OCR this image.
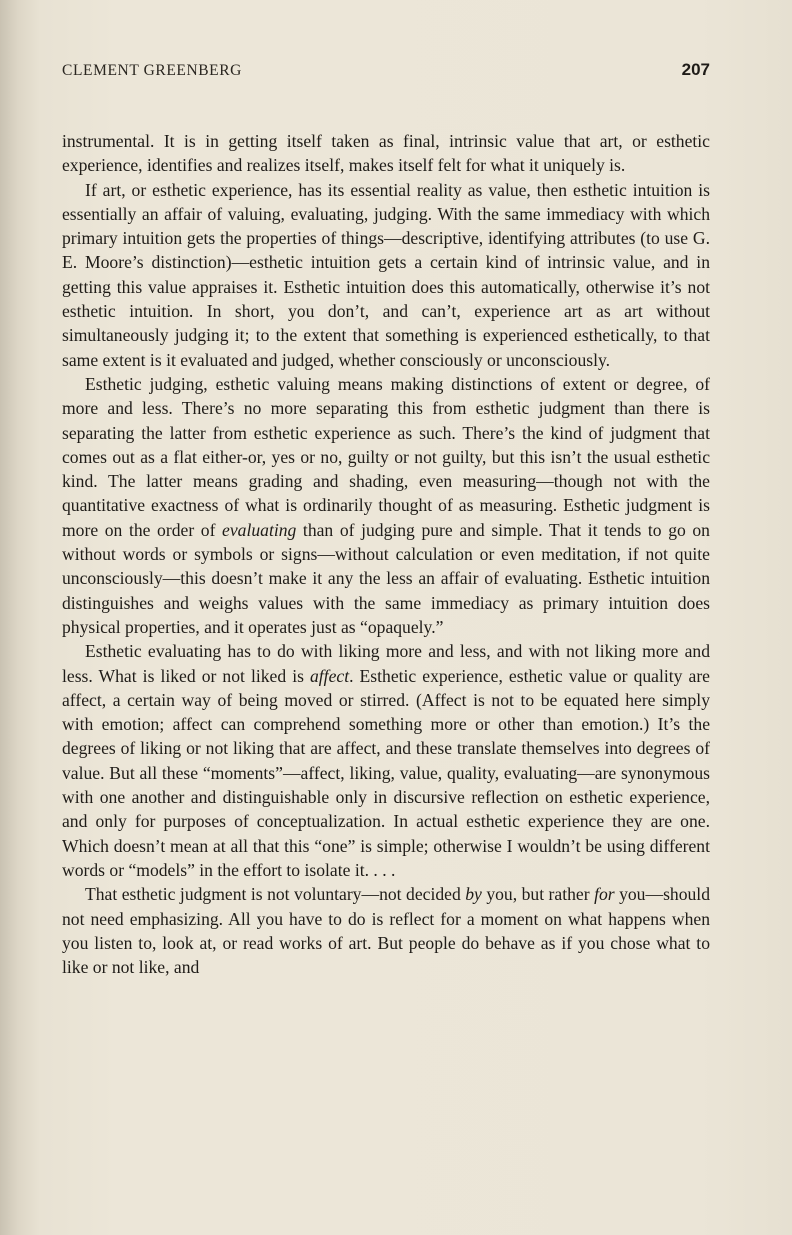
CLEMENT GREENBERG	207

instrumental. It is in getting itself taken as final, intrinsic value that art, or esthetic experience, identifies and realizes itself, makes itself felt for what it uniquely is.

If art, or esthetic experience, has its essential reality as value, then esthetic intuition is essentially an affair of valuing, evaluating, judging. With the same immediacy with which primary intuition gets the properties of things—descriptive, identifying attributes (to use G. E. Moore’s distinction)—esthetic intuition gets a certain kind of intrinsic value, and in getting this value appraises it. Esthetic intuition does this automatically, otherwise it’s not esthetic intuition. In short, you don’t, and can’t, experience art as art without simultaneously judging it; to the extent that something is experienced esthetically, to that same extent is it evaluated and judged, whether consciously or unconsciously.

Esthetic judging, esthetic valuing means making distinctions of extent or degree, of more and less. There’s no more separating this from esthetic judgment than there is separating the latter from esthetic experience as such. There’s the kind of judgment that comes out as a flat either-or, yes or no, guilty or not guilty, but this isn’t the usual esthetic kind. The latter means grading and shading, even measuring—though not with the quantitative exactness of what is ordinarily thought of as measuring. Esthetic judgment is more on the order of evaluating than of judging pure and simple. That it tends to go on without words or symbols or signs—without calculation or even meditation, if not quite unconsciously—this doesn’t make it any the less an affair of evaluating. Esthetic intuition distinguishes and weighs values with the same immediacy as primary intuition does physical properties, and it operates just as “opaquely.”

Esthetic evaluating has to do with liking more and less, and with not liking more and less. What is liked or not liked is affect. Esthetic experience, esthetic value or quality are affect, a certain way of being moved or stirred. (Affect is not to be equated here simply with emotion; affect can comprehend something more or other than emotion.) It’s the degrees of liking or not liking that are affect, and these translate themselves into degrees of value. But all these “moments”—affect, liking, value, quality, evaluating—are synonymous with one another and distinguishable only in discursive reflection on esthetic experience, and only for purposes of conceptualization. In actual esthetic experience they are one. Which doesn’t mean at all that this “one” is simple; otherwise I wouldn’t be using different words or “models” in the effort to isolate it. . . .

That esthetic judgment is not voluntary—not decided by you, but rather for you—should not need emphasizing. All you have to do is reflect for a moment on what happens when you listen to, look at, or read works of art. But people do behave as if you chose what to like or not like, and
